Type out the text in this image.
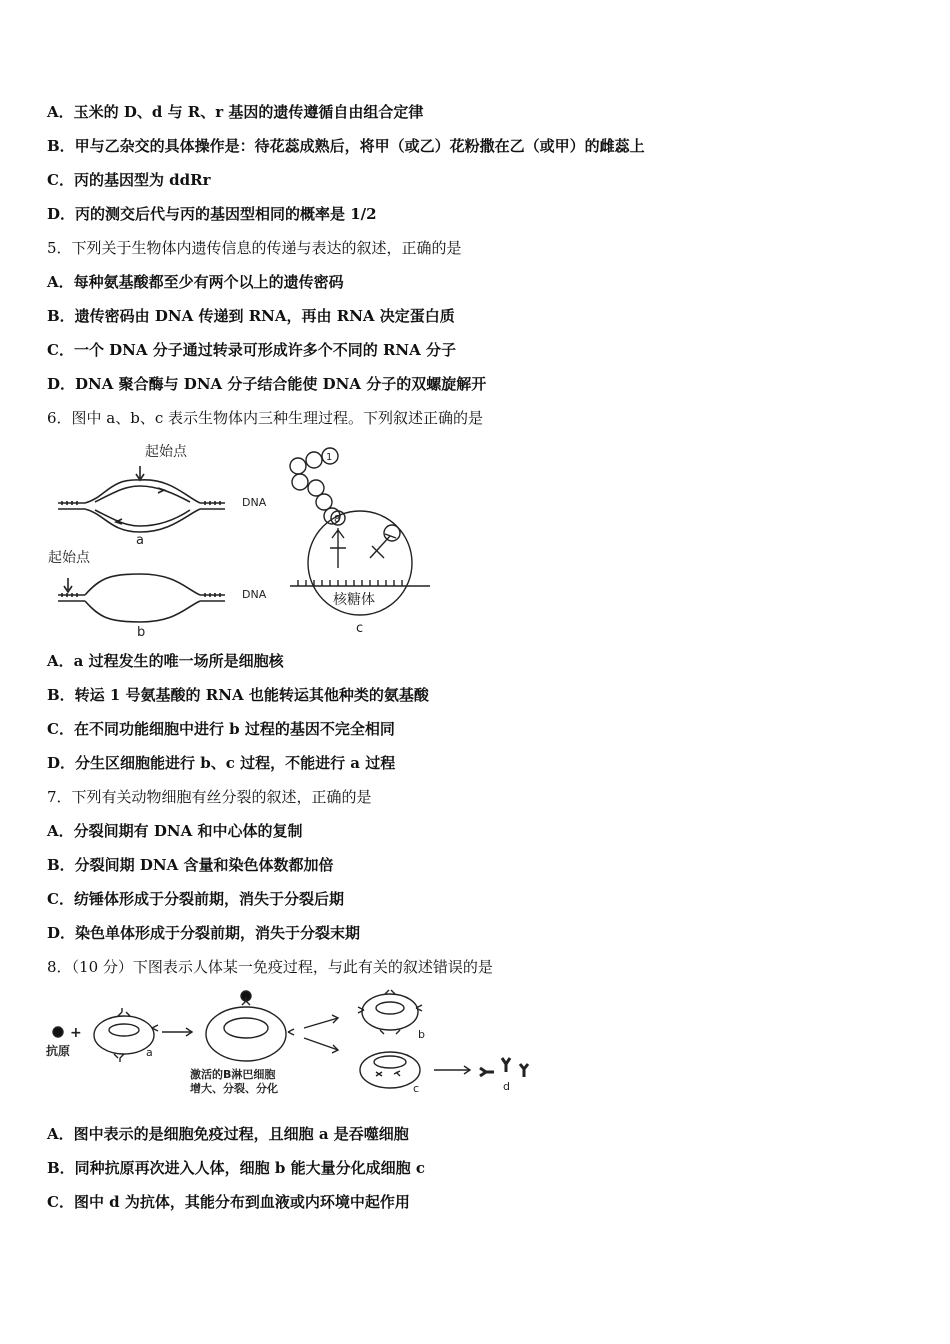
A．玉米的 D、d 与 R、r 基因的遗传遵循自由组合定律
B．甲与乙杂交的具体操作是：待花蕊成熟后，将甲（或乙）花粉撒在乙（或甲）的雌蕊上
C．丙的基因型为 ddRr
D．丙的测交后代与丙的基因型相同的概率是 1/2
5．下列关于生物体内遗传信息的传递与表达的叙述，正确的是
A．每种氨基酸都至少有两个以上的遗传密码
B．遗传密码由 DNA 传递到 RNA，再由 RNA 决定蛋白质
C．一个 DNA 分子通过转录可形成许多个不同的 RNA 分子
D．DNA 聚合酶与 DNA 分子结合能使 DNA 分子的双螺旋解开
6．图中 a、b、c 表示生物体内三种生理过程。下列叙述正确的是
起始点
DNA
a
起始点
DNA
b
1
8
核糖体
c
A．a 过程发生的唯一场所是细胞核
B．转运 1 号氨基酸的 RNA 也能转运其他种类的氨基酸
C．在不同功能细胞中进行 b 过程的基因不完全相同
D．分生区细胞能进行 b、c 过程，不能进行 a 过程
7．下列有关动物细胞有丝分裂的叙述，正确的是
A．分裂间期有 DNA 和中心体的复制
B．分裂间期 DNA 含量和染色体数都加倍
C．纺锤体形成于分裂前期，消失于分裂后期
D．染色单体形成于分裂前期，消失于分裂末期
8．（10 分）下图表示人体某一免疫过程，与此有关的叙述错误的是
+
抗原	a
激活的B淋巴细胞
增大、分裂、分化
b
c	d
A．图中表示的是细胞免疫过程，且细胞 a 是吞噬细胞
B．同种抗原再次进入人体，细胞 b 能大量分化成细胞 c
C．图中 d 为抗体，其能分布到血液或内环境中起作用
